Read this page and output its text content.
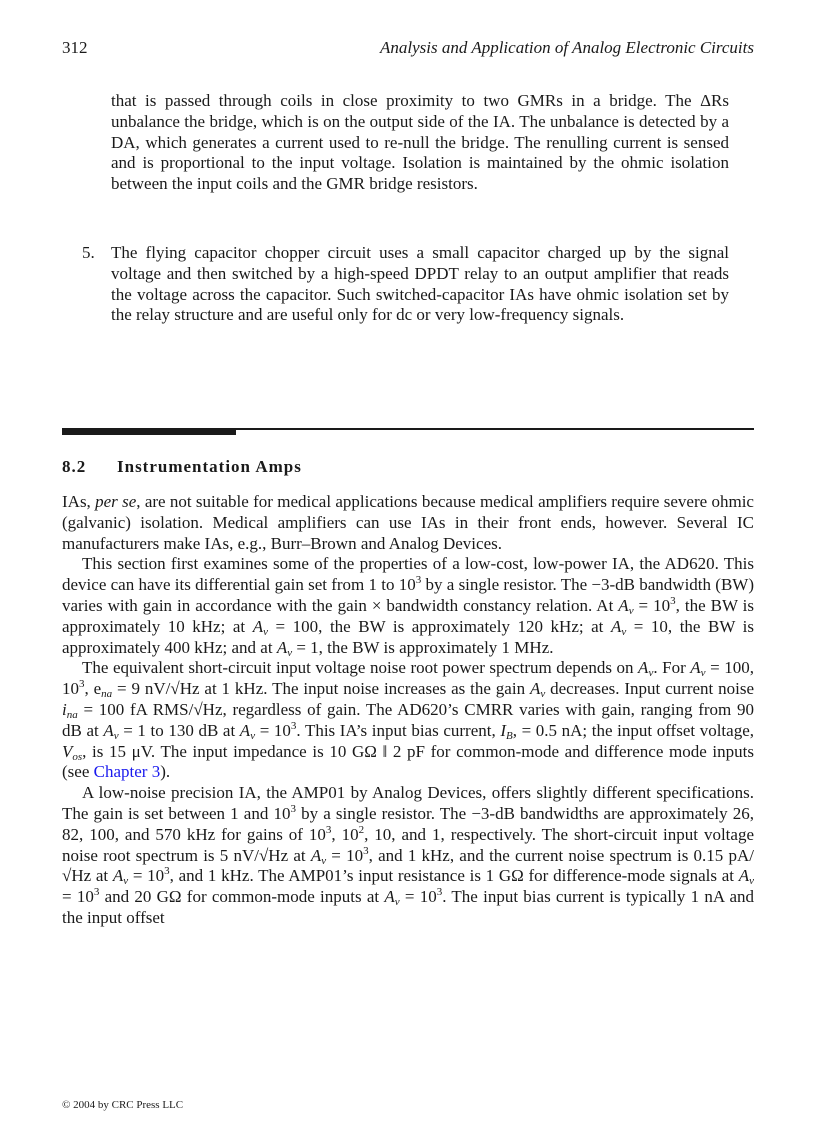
312	Analysis and Application of Analog Electronic Circuits
that is passed through coils in close proximity to two GMRs in a bridge. The ΔRs unbalance the bridge, which is on the output side of the IA. The unbalance is detected by a DA, which generates a current used to re-null the bridge. The renulling current is sensed and is proportional to the input voltage. Isolation is maintained by the ohmic isolation between the input coils and the GMR bridge resistors.
5. The flying capacitor chopper circuit uses a small capacitor charged up by the signal voltage and then switched by a high-speed DPDT relay to an output amplifier that reads the voltage across the capacitor. Such switched-capacitor IAs have ohmic isolation set by the relay structure and are useful only for dc or very low-frequency signals.
8.2 Instrumentation Amps

IAs, per se, are not suitable for medical applications because medical amplifiers require severe ohmic (galvanic) isolation. Medical amplifiers can use IAs in their front ends, however. Several IC manufacturers make IAs, e.g., Burr–Brown and Analog Devices.

This section first examines some of the properties of a low-cost, low-power IA, the AD620. This device can have its differential gain set from 1 to $10^3$ by a single resistor. The −3-dB bandwidth (BW) varies with gain in accordance with the gain × bandwidth constancy relation. At $A_v = 10^3$, the BW is approximately 10 kHz; at $A_v = 100$, the BW is approximately 120 kHz; at $A_v = 10$, the BW is approximately 400 kHz; and at $A_v = 1$, the BW is approximately 1 MHz.

The equivalent short-circuit input voltage noise root power spectrum depends on $A_v$. For $A_v = 100$, $10^3$, $e_{na} = 9$ nV/√Hz at 1 kHz. The input noise increases as the gain $A_v$ decreases. Input current noise $i_{na} = 100$ fA RMS/√Hz, regardless of gain. The AD620’s CMRR varies with gain, ranging from 90 dB at $A_v = 1$ to 130 dB at $A_v = 10^3$. This IA’s input bias current, $I_B$, = 0.5 nA; the input offset voltage, $V_{os}$, is 15 μV. The input impedance is 10 GΩ ‖ 2 pF for common-mode and difference mode inputs (see Chapter 3).

A low-noise precision IA, the AMP01 by Analog Devices, offers slightly different specifications. The gain is set between 1 and $10^3$ by a single resistor. The −3-dB bandwidths are approximately 26, 82, 100, and 570 kHz for gains of $10^3$, $10^2$, 10, and 1, respectively. The short-circuit input voltage noise root spectrum is 5 nV/√Hz at $A_v = 10^3$, and 1 kHz, and the current noise spectrum is 0.15 pA/√Hz at $A_v = 10^3$, and 1 kHz. The AMP01’s input resistance is 1 GΩ for difference-mode signals at $A_v = 10^3$ and 20 GΩ for common-mode inputs at $A_v = 10^3$. The input bias current is typically 1 nA and the input offset

© 2004 by CRC Press LLC
